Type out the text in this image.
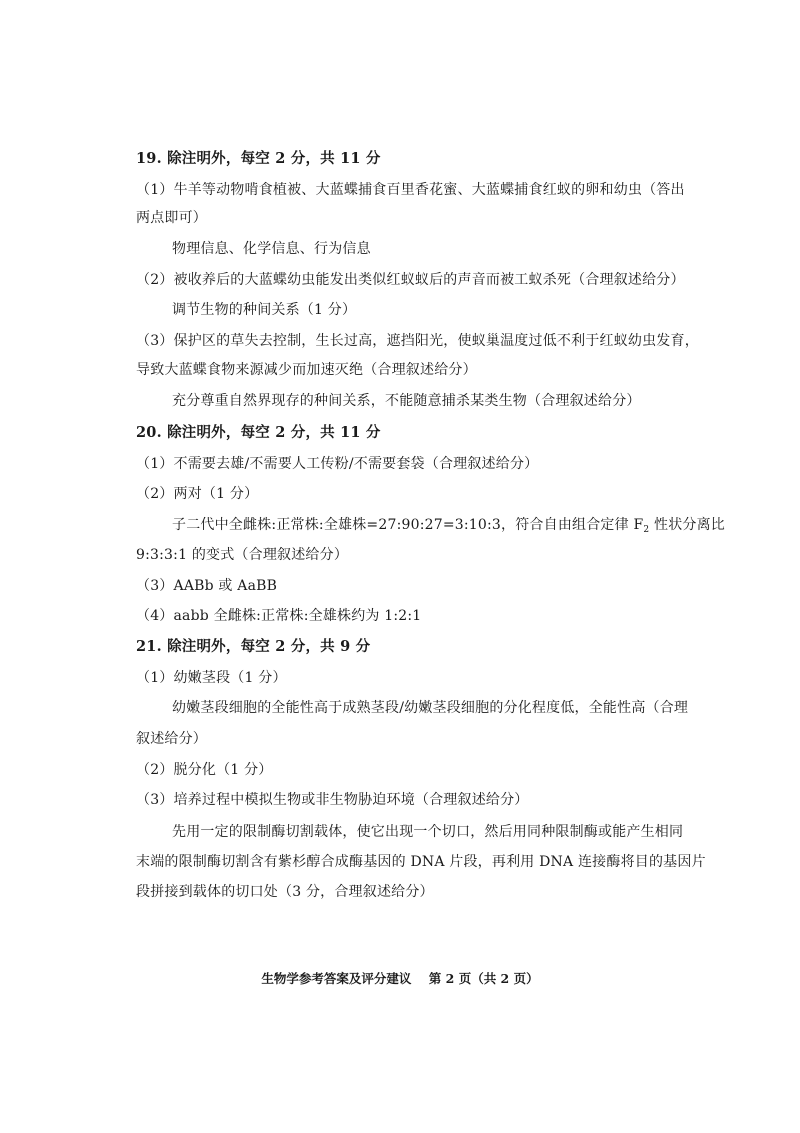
19. 除注明外，每空 2 分，共 11 分
（1）牛羊等动物啃食植被、大蓝蝶捕食百里香花蜜、大蓝蝶捕食红蚁的卵和幼虫（答出
两点即可）
物理信息、化学信息、行为信息
（2）被收养后的大蓝蝶幼虫能发出类似红蚁蚁后的声音而被工蚁杀死（合理叙述给分）
调节生物的种间关系（1 分）
（3）保护区的草失去控制，生长过高，遮挡阳光，使蚁巢温度过低不利于红蚁幼虫发育，
导致大蓝蝶食物来源减少而加速灭绝（合理叙述给分）
充分尊重自然界现存的种间关系，不能随意捕杀某类生物（合理叙述给分）
20. 除注明外，每空 2 分，共 11 分
（1）不需要去雄/不需要人工传粉/不需要套袋（合理叙述给分）
（2）两对（1 分）
子二代中全雌株:正常株:全雄株=27:90:27=3:10:3，符合自由组合定律 $F_2$ 性状分离比
9:3:3:1 的变式（合理叙述给分）
（3）AABb 或 AaBB
（4）aabb 全雌株:正常株:全雄株约为 1:2:1
21. 除注明外，每空 2 分，共 9 分
（1）幼嫩茎段（1 分）
幼嫩茎段细胞的全能性高于成熟茎段/幼嫩茎段细胞的分化程度低，全能性高（合理
叙述给分）
（2）脱分化（1 分）
（3）培养过程中模拟生物或非生物胁迫环境（合理叙述给分）
先用一定的限制酶切割载体，使它出现一个切口，然后用同种限制酶或能产生相同
末端的限制酶切割含有紫杉醇合成酶基因的 DNA 片段，再利用 DNA 连接酶将目的基因片
段拼接到载体的切口处（3 分，合理叙述给分）
生物学参考答案及评分建议    第 2 页（共 2 页）
